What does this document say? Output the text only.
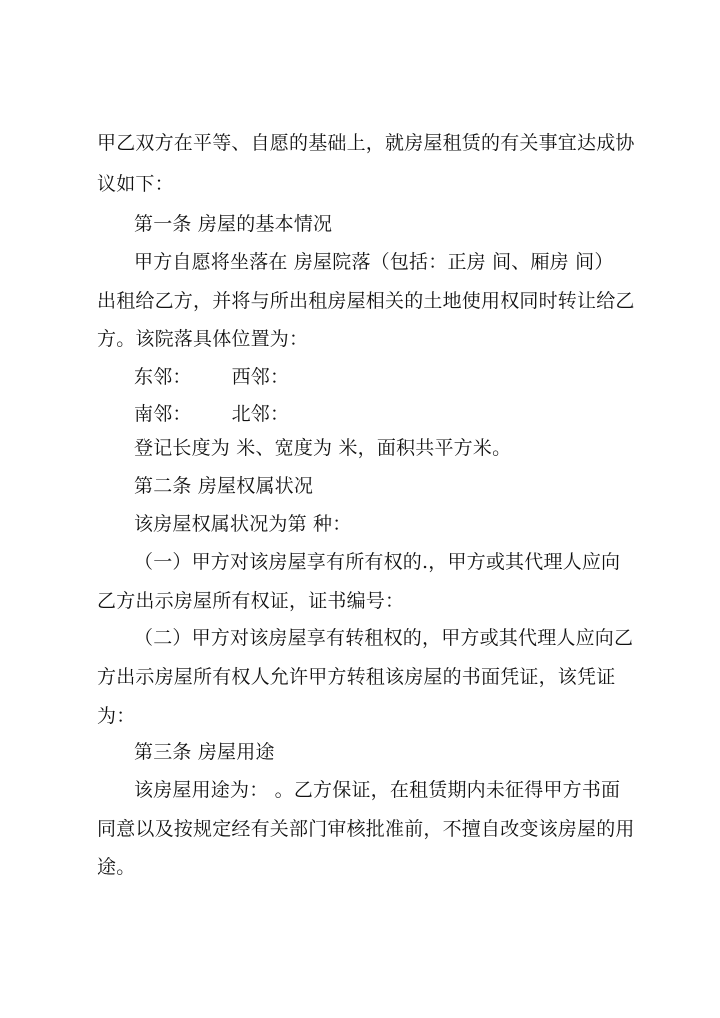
甲乙双方在平等、自愿的基础上，就房屋租赁的有关事宜达成协
议如下：
第一条 房屋的基本情况
甲方自愿将坐落在 房屋院落（包括：正房 间、厢房 间）
出租给乙方，并将与所出租房屋相关的土地使用权同时转让给乙
方。该院落具体位置为：
东邻： 西邻：
南邻： 北邻：
登记长度为 米、宽度为 米，面积共平方米。
第二条 房屋权属状况
该房屋权属状况为第 种：
（一）甲方对该房屋享有所有权的.，甲方或其代理人应向
乙方出示房屋所有权证，证书编号：
（二）甲方对该房屋享有转租权的，甲方或其代理人应向乙
方出示房屋所有权人允许甲方转租该房屋的书面凭证，该凭证
为：
第三条 房屋用途
该房屋用途为： 。乙方保证，在租赁期内未征得甲方书面
同意以及按规定经有关部门审核批准前，不擅自改变该房屋的用
途。
